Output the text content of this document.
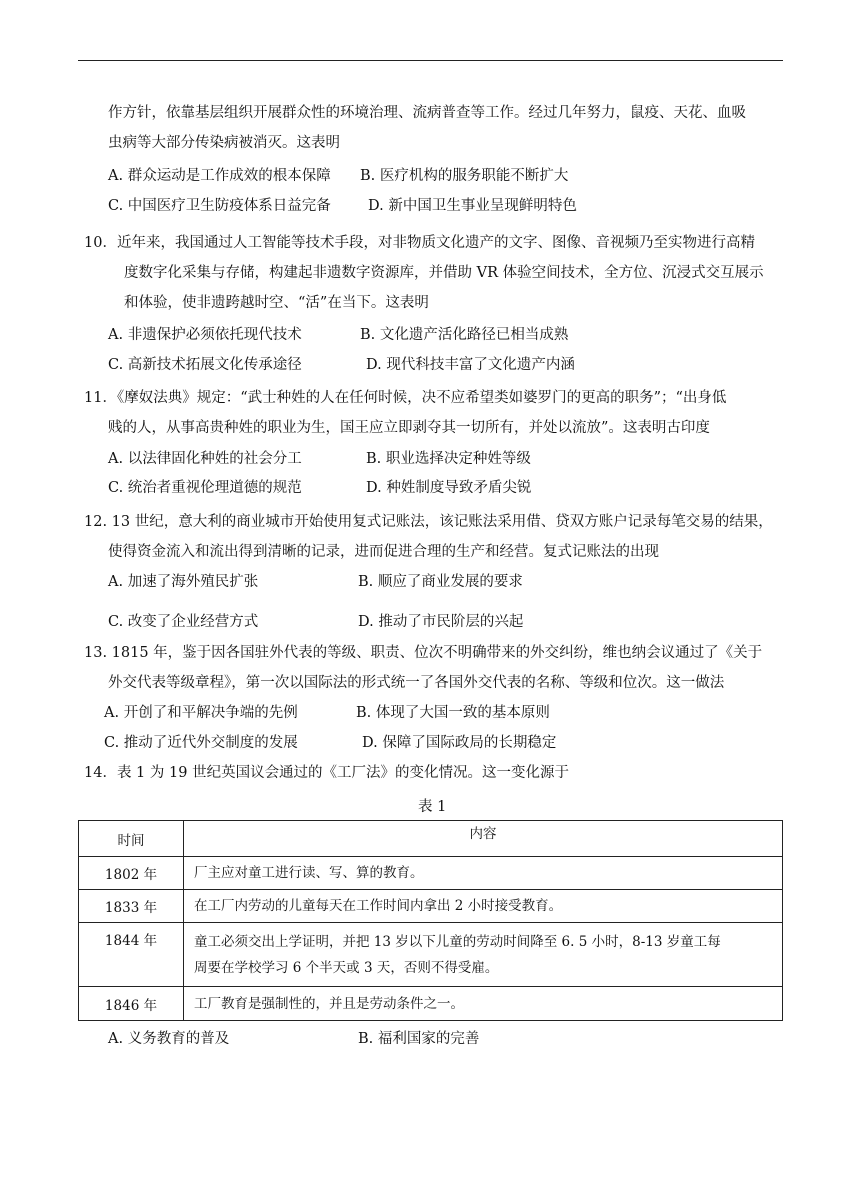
作方针，依靠基层组织开展群众性的环境治理、流病普查等工作。经过几年努力，鼠疫、天花、血吸
虫病等大部分传染病被消灭。这表明
A. 群众运动是工作成效的根本保障 B. 医疗机构的服务职能不断扩大
C. 中国医疗卫生防疫体系日益完备	D. 新中国卫生事业呈现鲜明特色
10．近年来，我国通过人工智能等技术手段，对非物质文化遗产的文字、图像、音视频乃至实物进行高精
度数字化采集与存储，构建起非遗数字资源库，并借助 VR 体验空间技术，全方位、沉浸式交互展示
和体验，使非遗跨越时空、“活”在当下。这表明
A. 非遗保护必须依托现代技术	B. 文化遗产活化路径已相当成熟
C. 高新技术拓展文化传承途径	D. 现代科技丰富了文化遗产内涵
11．《摩奴法典》规定：“武士种姓的人在任何时候，决不应希望类如婆罗门的更高的职务”；“出身低
贱的人，从事高贵种姓的职业为生，国王应立即剥夺其一切所有，并处以流放”。这表明古印度
A. 以法律固化种姓的社会分工	B. 职业选择决定种姓等级
C. 统治者重视伦理道德的规范	D. 种姓制度导致矛盾尖锐
12. 13 世纪，意大利的商业城市开始使用复式记账法，该记账法采用借、贷双方账户记录每笔交易的结果，
使得资金流入和流出得到清晰的记录，进而促进合理的生产和经营。复式记账法的出现
A. 加速了海外殖民扩张	B. 顺应了商业发展的要求
C. 改变了企业经营方式	D. 推动了市民阶层的兴起
13. 1815 年，鉴于因各国驻外代表的等级、职责、位次不明确带来的外交纠纷，维也纳会议通过了《关于
外交代表等级章程》，第一次以国际法的形式统一了各国外交代表的名称、等级和位次。这一做法
A. 开创了和平解决争端的先例	B. 体现了大国一致的基本原则
C. 推动了近代外交制度的发展	D. 保障了国际政局的长期稳定
14．表 1 为 19 世纪英国议会通过的《工厂法》的变化情况。这一变化源于
表 1
时间	内容
1802 年	厂主应对童工进行读、写、算的教育。
1833 年	在工厂内劳动的儿童每天在工作时间内拿出 2 小时接受教育。
1844 年	童工必须交出上学证明，并把 13 岁以下儿童的劳动时间降至 6. 5 小时，8-13 岁童工每
周要在学校学习 6 个半天或 3 天，否则不得受雇。

1846 年	工厂教育是强制性的，并且是劳动条件之一。
A. 义务教育的普及	B. 福利国家的完善
